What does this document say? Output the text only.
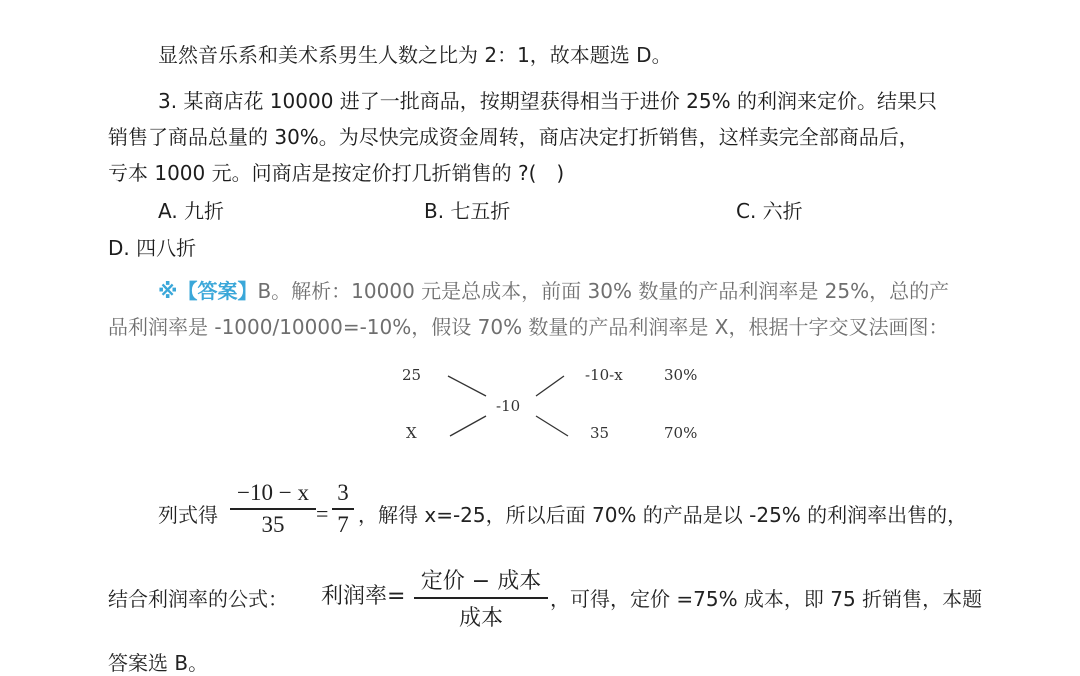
显然音乐系和美术系男生人数之比为 2：1，故本题选 D。
3. 某商店花 10000 进了一批商品，按期望获得相当于进价 25% 的利润来定价。结果只
销售了商品总量的 30%。为尽快完成资金周转，商店决定打折销售，这样卖完全部商品后，
亏本 1000 元。问商店是按定价打几折销售的 ?(　)
A. 九折	B. 七五折	C. 六折
D. 四八折
※【答案】B。解析：10000 元是总成本，前面 30% 数量的产品利润率是 25%，总的产
品利润率是 -1000/10000=-10%，假设 70% 数量的产品利润率是 X，根据十字交叉法画图：
25
X
-10
-10-x
35
30%
70%
列式得
−10 − x
35	=
3
7 ，解得 x=-25，所以后面 70% 的产品是以 -25% 的利润率出售的，
结合利润率的公式： 利润率=
定价 − 成本
成本
，可得，定价 =75% 成本，即 75 折销售，本题
答案选 B。
